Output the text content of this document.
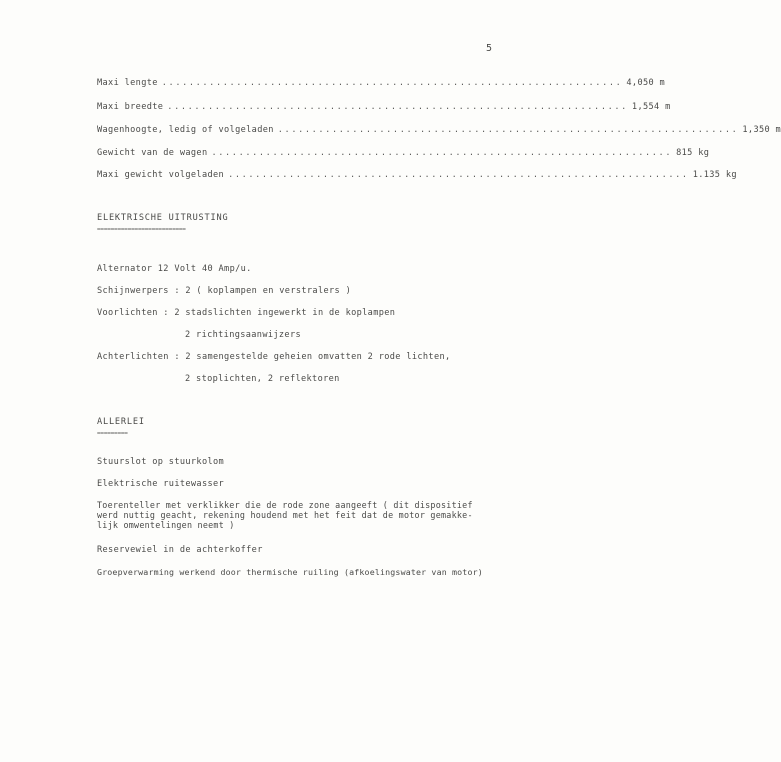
5
Maxi lengte .................................................................... 4,050 m
Maxi breedte .................................................................... 1,554 m
Wagenhoogte, ledig of volgeladen .................................................................... 1,350 m
Gewicht van de wagen .................................................................... 815 kg
Maxi gewicht volgeladen .................................................................... 1.135 kg
ELEKTRISCHE UITRUSTING
==========================
Alternator 12 Volt 40 Amp/u.
Schijnwerpers : 2 ( koplampen en verstralers )
Voorlichten : 2 stadslichten ingewerkt in de koplampen
2 richtingsaanwijzers
Achterlichten : 2 samengestelde geheien omvatten 2 rode lichten,
2 stoplichten, 2 reflektoren
ALLERLEI
=========
Stuurslot op stuurkolom
Elektrische ruitewasser
Toerenteller met verklikker die de rode zone aangeeft ( dit dispositief
werd nuttig geacht, rekening houdend met het feit dat de motor gemakke-
lijk omwentelingen neemt )
Reservewiel in de achterkoffer
Groepverwarming werkend door thermische ruiling (afkoelingswater van motor)
